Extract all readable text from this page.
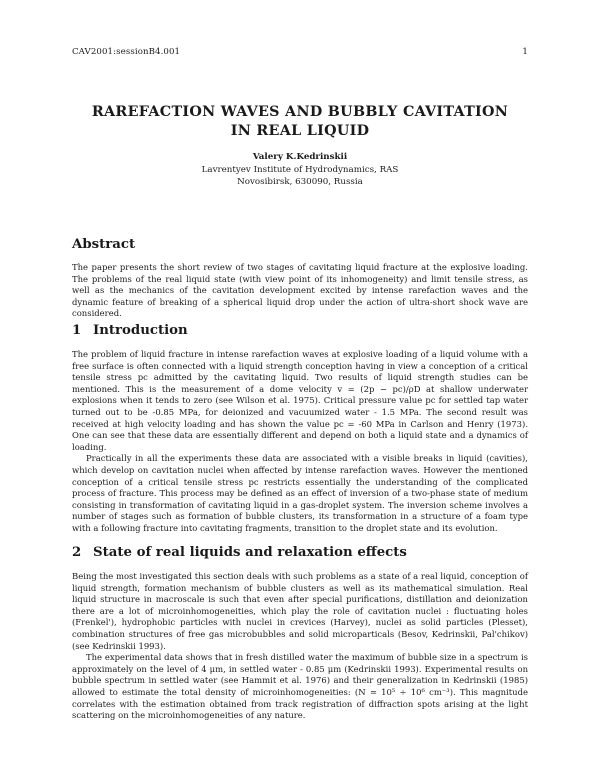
CAV2001:sessionB4.001	1
RAREFACTION WAVES AND BUBBLY CAVITATION
IN REAL LIQUID
Valery K.Kedrinskii
Lavrentyev Institute of Hydrodynamics, RAS
Novosibirsk, 630090, Russia
Abstract

The paper presents the short review of two stages of cavitating liquid fracture at the explosive loading. The problems of the real liquid state (with view point of its inhomogeneity) and limit tensile stress, as well as the mechanics of the cavitation development excited by intense rarefaction waves and the dynamic feature of breaking of a spherical liquid drop under the action of ultra-short shock wave are considered.

1 Introduction

The problem of liquid fracture in intense rarefaction waves at explosive loading of a liquid volume with a free surface is often connected with a liquid strength conception having in view a conception of a critical tensile stress pc admitted by the cavitating liquid. Two results of liquid strength studies can be mentioned. This is the measurement of a dome velocity v = (2p − pc)/ρD at shallow underwater explosions when it tends to zero (see Wilson et al. 1975). Critical pressure value pc for settled tap water turned out to be -0.85 MPa, for deionized and vacuumized water - 1.5 MPa. The second result was received at high velocity loading and has shown the value pc = -60 MPa in Carlson and Henry (1973). One can see that these data are essentially different and depend on both a liquid state and a dynamics of loading.

Practically in all the experiments these data are associated with a visible breaks in liquid (cavities), which develop on cavitation nuclei when affected by intense rarefaction waves. However the mentioned conception of a critical tensile stress pc restricts essentially the understanding of the complicated process of fracture. This process may be defined as an effect of inversion of a two-phase state of medium consisting in transformation of cavitating liquid in a gas-droplet system. The inversion scheme involves a number of stages such as formation of bubble clusters, its transformation in a structure of a foam type with a following fracture into cavitating fragments, transition to the droplet state and its evolution.

2 State of real liquids and relaxation effects

Being the most investigated this section deals with such problems as a state of a real liquid, conception of liquid strength, formation mechanism of bubble clusters as well as its mathematical simulation. Real liquid structure in macroscale is such that even after special purifications, distillation and deionization there are a lot of microinhomogeneities, which play the role of cavitation nuclei : fluctuating holes (Frenkel'), hydrophobic particles with nuclei in crevices (Harvey), nuclei as solid particles (Plesset), combination structures of free gas microbubbles and solid microparticals (Besov, Kedrinskii, Pal'chikov) (see Kedrinskii 1993).

The experimental data shows that in fresh distilled water the maximum of bubble size in a spectrum is approximately on the level of 4 μm, in settled water - 0.85 μm (Kedrinskii 1993). Experimental results on bubble spectrum in settled water (see Hammit et al. 1976) and their generalization in Kedrinskii (1985) allowed to estimate the total density of microinhomogeneities: (N ≃ 10⁵ ÷ 10⁶ cm⁻³). This magnitude correlates with the estimation obtained from track registration of diffraction spots arising at the light scattering on the microinhomogeneities of any nature.
